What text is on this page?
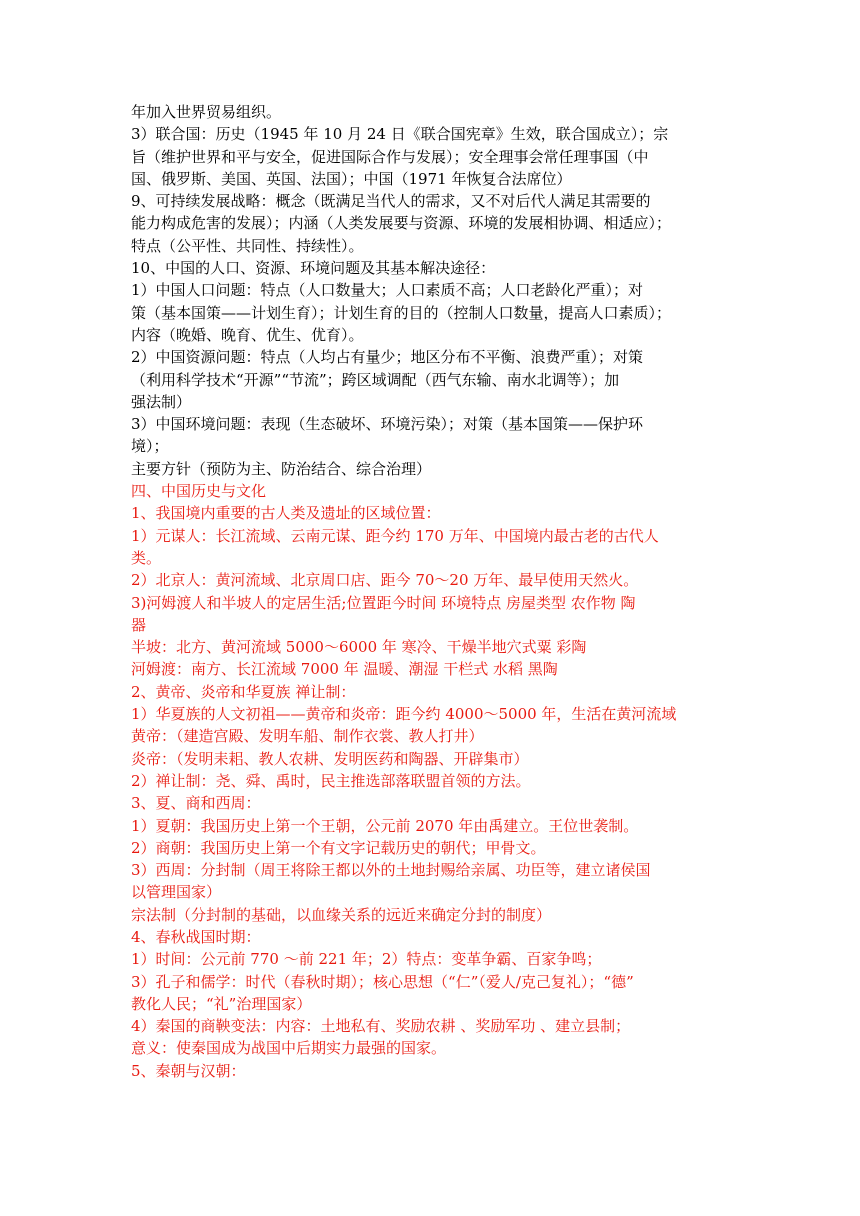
年加入世界贸易组织。
3）联合国：历史（1945 年 10 月 24 日《联合国宪章》生效，联合国成立）；宗
旨（维护世界和平与安全，促进国际合作与发展）；安全理事会常任理事国（中
国、俄罗斯、美国、英国、法国）；中国（1971 年恢复合法席位）
9、可持续发展战略：概念（既满足当代人的需求，又不对后代人满足其需要的
能力构成危害的发展）；内涵（人类发展要与资源、环境的发展相协调、相适应）；
特点（公平性、共同性、持续性）。
10、中国的人口、资源、环境问题及其基本解决途径：
1）中国人口问题：特点（人口数量大；人口素质不高；人口老龄化严重）；对
策（基本国策——计划生育）；计划生育的目的（控制人口数量，提高人口素质）；
内容（晚婚、晚育、优生、优育）。
2）中国资源问题：特点（人均占有量少；地区分布不平衡、浪费严重）；对策
（利用科学技术“开源”“节流”；跨区域调配（西气东输、南水北调等）；加
强法制）
3）中国环境问题：表现（生态破坏、环境污染）；对策（基本国策——保护环
境）；
主要方针（预防为主、防治结合、综合治理）
四、中国历史与文化
1、我国境内重要的古人类及遗址的区域位置：
1）元谋人：长江流域、云南元谋、距今约 170 万年、中国境内最古老的古代人
类。
2）北京人：黄河流域、北京周口店、距今 70～20 万年、最早使用天然火。
3)河姆渡人和半坡人的定居生活;位置距今时间 环境特点 房屋类型 农作物 陶
器
半坡：北方、黄河流域 5000～6000 年 寒冷、干燥半地穴式粟 彩陶
河姆渡：南方、长江流域 7000 年 温暖、潮湿 干栏式 水稻 黑陶
2、黄帝、炎帝和华夏族 禅让制：
1）华夏族的人文初祖——黄帝和炎帝：距今约 4000～5000 年，生活在黄河流域
黄帝：（建造宫殿、发明车船、制作衣裳、教人打井）
炎帝：（发明耒耜、教人农耕、发明医药和陶器、开辟集市）
2）禅让制：尧、舜、禹时，民主推选部落联盟首领的方法。
3、夏、商和西周：
1）夏朝：我国历史上第一个王朝，公元前 2070 年由禹建立。王位世袭制。
2）商朝：我国历史上第一个有文字记载历史的朝代；甲骨文。
3）西周：分封制（周王将除王都以外的土地封赐给亲属、功臣等，建立诸侯国
以管理国家）
宗法制（分封制的基础，以血缘关系的远近来确定分封的制度）
4、春秋战国时期：
1）时间：公元前 770 ～前 221 年；2）特点：变革争霸、百家争鸣；
3）孔子和儒学：时代（春秋时期）；核心思想（“仁”（爱人/克己复礼）；“德”
教化人民；“礼”治理国家）
4）秦国的商鞅变法：内容：土地私有、奖励农耕 、奖励军功 、建立县制；
意义：使秦国成为战国中后期实力最强的国家。
5、秦朝与汉朝：
